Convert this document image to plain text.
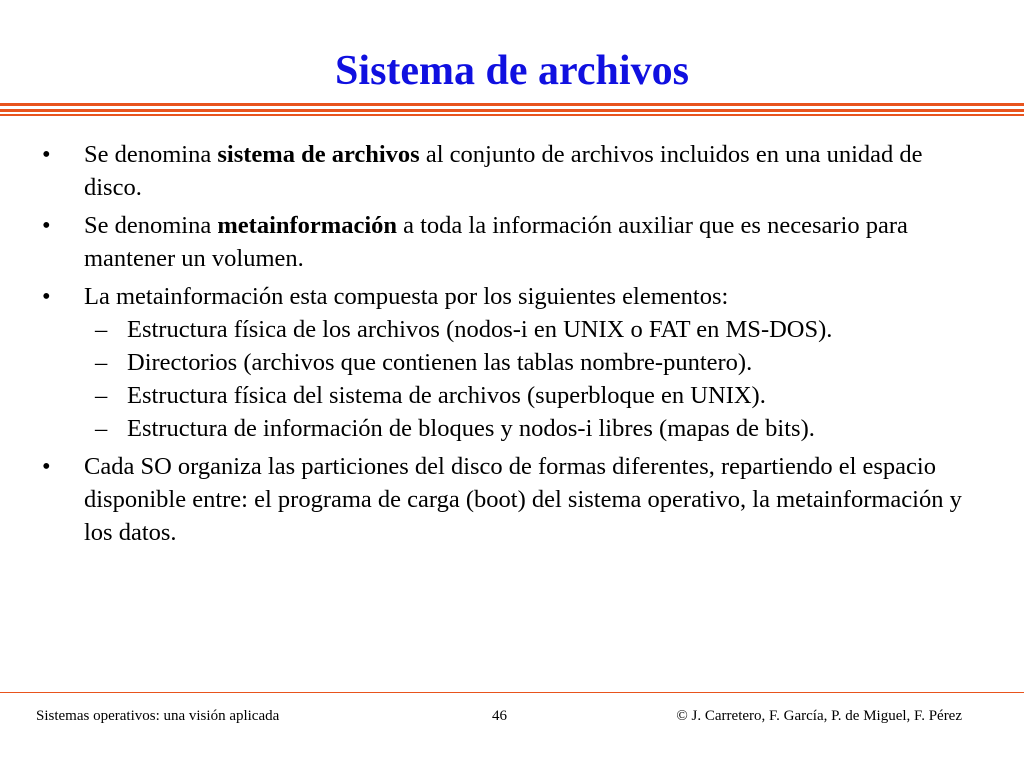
Sistema de archivos
• Se denomina sistema de archivos al conjunto de archivos incluidos en una unidad de disco.
• Se denomina metainformación a toda la información auxiliar que es necesario para mantener un volumen.
• La metainformación esta compuesta por los siguientes elementos:
– Estructura física de los archivos (nodos-i en UNIX o FAT en MS-DOS).
– Directorios (archivos que contienen las tablas nombre-puntero).
– Estructura física del sistema de archivos (superbloque en UNIX).
– Estructura de información de bloques y nodos-i libres (mapas de bits).
• Cada SO organiza las particiones del disco de formas diferentes, repartiendo el espacio disponible entre: el programa de carga (boot) del sistema operativo, la metainformación y los datos.
Sistemas operativos: una visión aplicada	46	© J. Carretero, F. García, P. de Miguel, F. Pérez
